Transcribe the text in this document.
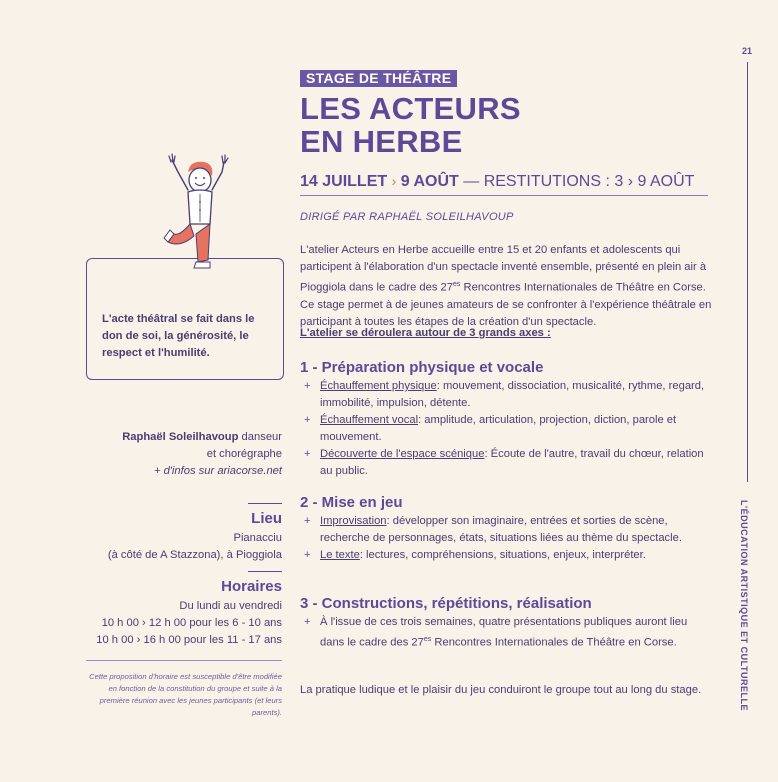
21
L'ÉDUCATION ARTISTIQUE ET CULTURELLE
STAGE DE THÉÂTRE
LES ACTEURS
EN HERBE
14 JUILLET › 9 AOÛT — RESTITUTIONS : 3 › 9 AOÛT
DIRIGÉ PAR RAPHAËL SOLEILHAVOUP
L'atelier Acteurs en Herbe accueille entre 15 et 20 enfants et adolescents qui participent à l'élaboration d'un spectacle inventé ensemble, présenté en plein air à Pioggiola dans le cadre des $27^{es}$ Rencontres Internationales de Théâtre en Corse. Ce stage permet à de jeunes amateurs de se confronter à l'expérience théâtrale en participant à toutes les étapes de la création d'un spectacle.
L'atelier se déroulera autour de 3 grands axes :
1 - Préparation physique et vocale
+ Échauffement physique: mouvement, dissociation, musicalité, rythme, regard, immobilité, impulsion, détente.
+ Échauffement vocal: amplitude, articulation, projection, diction, parole et mouvement.
+ Découverte de l'espace scénique: Écoute de l'autre, travail du chœur, relation au public.
2 - Mise en jeu
+ Improvisation: développer son imaginaire, entrées et sorties de scène, recherche de personnages, états, situations liées au thème du spectacle.
+ Le texte: lectures, compréhensions, situations, enjeux, interpréter.
3 - Constructions, répétitions, réalisation
+ À l'issue de ces trois semaines, quatre présentations publiques auront lieu dans le cadre des $27^{es}$ Rencontres Internationales de Théâtre en Corse.
La pratique ludique et le plaisir du jeu conduiront le groupe tout au long du stage.
L'acte théâtral se fait dans le don de soi, la générosité, le respect et l'humilité.
Raphaël Soleilhavoup danseur
et chorégraphe
+ d'infos sur ariacorse.net
Lieu
Pianacciu
(à côté de A Stazzona), à Pioggiola
Horaires
Du lundi au vendredi
10 h 00 › 12 h 00 pour les 6 - 10 ans
10 h 00 › 16 h 00 pour les 11 - 17 ans
Cette proposition d'horaire est susceptible d'être modifiée en fonction de la constitution du groupe et suite à la première réunion avec les jeunes participants (et leurs parents).
